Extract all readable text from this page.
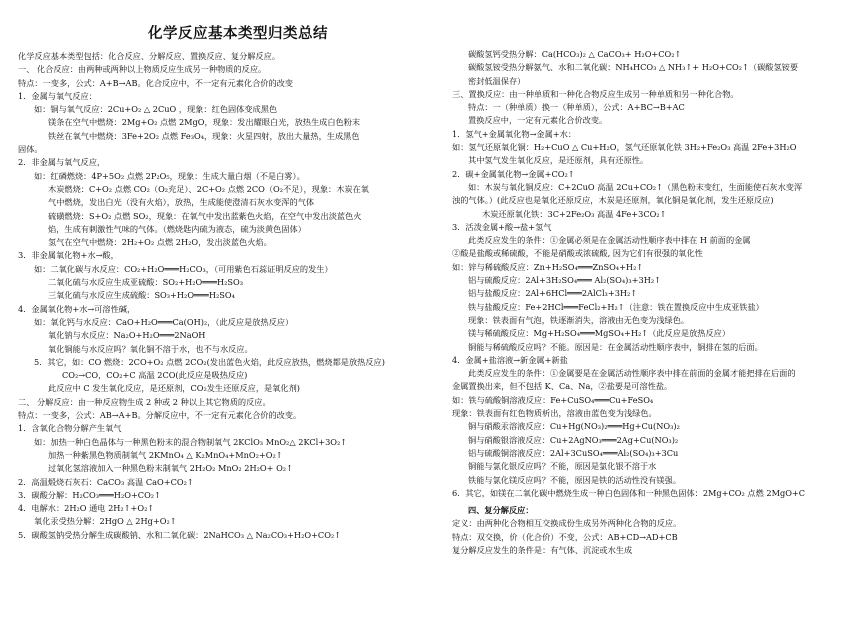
化学反应基本类型归类总结
化学反应基本类型包括：化合反应、分解反应、置换反应、复分解反应。
一、 化合反应：由两种或两种以上物质反应生成另一种物质的反应。
特点：一变多，公式：A+B→AB。化合反应中，不一定有元素化合价的改变
1．金属与氧气反应：
如：铜与氧气反应：2Cu+O₂ △ 2CuO ，现象：红色固体变成黑色
镁条在空气中燃烧：2Mg+O₂ 点燃 2MgO，现象：发出耀眼白光，放热生成白色粉末
铁丝在氧气中燃烧：3Fe+2O₂ 点燃 Fe₃O₄，现象：火星四射，放出大量热，生成黑色
固体。
2．非金属与氧气反应，
如：红磷燃烧：4P+5O₂ 点燃 2P₂O₅，现象：生成大量白烟（不是白雾）。
木炭燃烧：C+O₂ 点燃 CO₂（O₂充足）、2C+O₂ 点燃 2CO（O₂不足），现象：木炭在氧
气中燃烧，发出白光（没有火焰），放热，生成能使澄清石灰水变浑的气体
硫磺燃烧：S+O₂ 点燃 SO₂，现象：在氧气中发出蓝紫色火焰，在空气中发出淡蓝色火
焰，生成有刺激性气味的气体。（燃烧匙内硫为液态，硫为淡黄色固体）
氢气在空气中燃烧：2H₂+O₂ 点燃 2H₂O，发出淡蓝色火焰。
3．非金属氧化物+水→酸，
如：二氧化碳与水反应：CO₂+H₂O═══H₂CO₃，（可用紫色石蕊证明反应的发生）
二氧化硫与水反应生成亚硫酸：SO₂+H₂O═══H₂SO₃
三氧化硫与水反应生成硫酸：SO₃+H₂O═══H₂SO₄
4．金属氧化物+水→可溶性碱，
如：氧化钙与水反应：CaO+H₂O═══Ca(OH)₂，（此反应是放热反应）
氧化钠与水反应：Na₂O+H₂O═══2NaOH
氧化铜能与水反应吗？氧化铜不溶于水，也不与水反应。
5．其它，如：CO 燃烧：2CO+O₂ 点燃 2CO₂(发出蓝色火焰，此反应放热，燃烧都是放热反应)
CO₂→CO，CO₂+C 高温 2CO(此反应是吸热反应)
此反应中 C 发生氧化反应，是还原剂，CO₂发生还原反应，是氧化剂)
二、 分解反应：由一种反应物生成 2 种或 2 种以上其它物质的反应。
特点：一变多，公式：AB→A+B。分解反应中，不一定有元素化合价的改变。
1．含氧化合物分解产生氧气
如：加热一种白色晶体与一种黑色粉末的混合物制氧气 2KClO₃ MnO₂△ 2KCl+3O₂↑
加热一种紫黑色物质制氧气 2KMnO₄ △ K₂MnO₄+MnO₂+O₂↑
过氧化氢溶液加入一种黑色粉末制氧气 2H₂O₂ MnO₂ 2H₂O+ O₂↑
2．高温煅烧石灰石：CaCO₃ 高温 CaO+CO₂↑
3．碳酸分解：H₂CO₃═══H₂O+CO₂↑
4．电解水：2H₂O 通电 2H₂↑+O₂↑
氧化汞受热分解：2HgO △ 2Hg+O₂↑
5．碳酸氢钠受热分解生成碳酸钠、水和二氧化碳：2NaHCO₃ △ Na₂CO₃+H₂O+CO₂↑
碳酸氢钙受热分解：Ca(HCO₃)₂ △ CaCO₃+ H₂O+CO₂↑
碳酸氢铵受热分解氨气、水和二氧化碳：NH₄HCO₃ △ NH₃↑+ H₂O+CO₂↑（碳酸氢铵要
密封低温保存）
三、置换反应：由一种单质和一种化合物反应生成另一种单质和另一种化合物。
特点：一（种单质）换一（种单质），公式：A+BC→B+AC
置换反应中，一定有元素化合价改变。
1．氢气+金属氧化物→金属+水：
如：氢气还原氧化铜：H₂+CuO △ Cu+H₂O，氢气还原氧化铁 3H₂+Fe₂O₃ 高温 2Fe+3H₂O
其中氢气发生氧化反应，是还原剂，具有还原性。
2．碳+金属氧化物→金属+CO₂↑
如：木炭与氧化铜反应：C+2CuO 高温 2Cu+CO₂↑（黑色粉末变红，生面能使石灰水变浑
浊的气体。）(此反应也是氧化还原反应，木炭是还原剂，氧化铜是氧化剂，发生还原反应)
木炭还原氧化铁：3C+2Fe₂O₃ 高温 4Fe+3CO₂↑
3．活泼金属+酸→盐+氢气
此类反应发生的条件：①金属必须是在金属活动性顺序表中排在 H 前面的金属
②酸是盐酸或稀硫酸，不能是硝酸或浓硫酸, 因为它们有很强的氧化性
如：锌与稀硫酸反应：Zn+H₂SO₄═══ZnSO₄+H₂↑
铝与硫酸反应：2Al+3H₂SO₄═══ Al₂(SO₄)₃+3H₂↑
铝与盐酸反应：2Al+6HCl═══2AlCl₃+3H₂↑
铁与盐酸反应：Fe+2HCl═══FeCl₂+H₂↑（注意：铁在置换反应中生成亚铁盐）
现象：铁表面有气泡，铁逐渐消失，溶液由无色变为浅绿色。
镁与稀硫酸反应：Mg+H₂SO₄═══MgSO₄+H₂↑（此反应是放热反应）
铜能与稀硫酸反应吗？不能。原因是：在金属活动性顺序表中，铜排在氢的后面。
4．金属+盐溶液→新金属+新盐
此类反应发生的条件：①金属要是在金属活动性顺序表中排在前面的金属才能把排在后面的
金属置换出来，但不包括 K、Ca、Na，②盐要是可溶性盐。
如：铁与硫酸铜溶液反应：Fe+CuSO₄═══Cu+FeSO₄
现象：铁表面有红色物质析出，溶液由蓝色变为浅绿色。
铜与硝酸汞溶液反应：Cu+Hg(NO₃)₂═══Hg+Cu(NO₃)₂
铜与硝酸银溶液反应：Cu+2AgNO₃═══2Ag+Cu(NO₃)₂
铝与硫酸铜溶液反应：2Al+3CuSO₄═══Al₂(SO₄)₃+3Cu
铜能与氯化银反应吗？不能，原因是氯化银不溶于水
铁能与氯化镁反应吗？不能，原因是铁的活动性没有镁强。
6．其它，如镁在二氧化碳中燃烧生成一种白色固体和一种黑色固体：2Mg+CO₂ 点燃 2MgO+C
四、复分解反应：
定义：由两种化合物相互交换成份生成另外两种化合物的反应。
特点：双交换，价（化合价）不变，公式：AB+CD→AD+CB
复分解反应发生的条件是：有气体、沉淀或水生成
